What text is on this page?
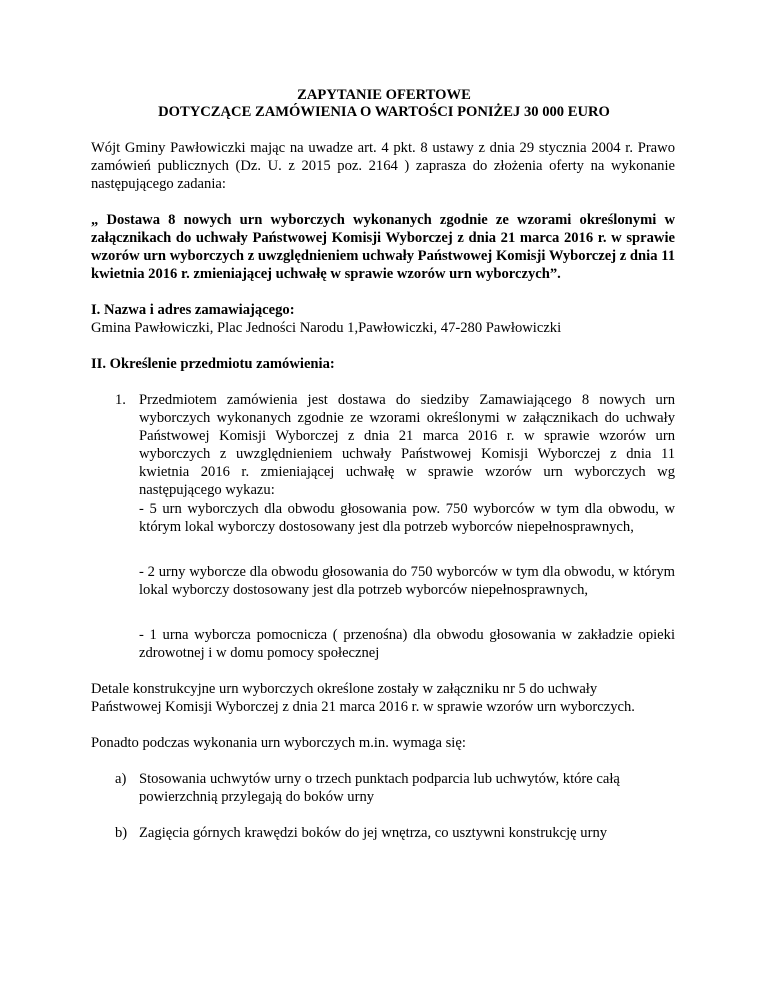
ZAPYTANIE OFERTOWE
DOTYCZĄCE ZAMÓWIENIA O WARTOŚCI PONIŻEJ 30 000 EURO
Wójt Gminy Pawłowiczki mając na uwadze art. 4 pkt. 8 ustawy z dnia 29 stycznia 2004 r. Prawo zamówień publicznych (Dz. U. z 2015 poz. 2164 ) zaprasza do złożenia oferty na wykonanie następującego zadania:
„ Dostawa 8 nowych urn wyborczych wykonanych zgodnie ze wzorami określonymi w załącznikach do uchwały Państwowej Komisji Wyborczej z dnia 21 marca 2016 r. w sprawie wzorów urn wyborczych z uwzględnieniem uchwały Państwowej Komisji Wyborczej z dnia 11 kwietnia 2016 r. zmieniającej uchwałę w sprawie wzorów urn wyborczych”.
I. Nazwa i adres zamawiającego:
Gmina Pawłowiczki, Plac Jedności Narodu 1,Pawłowiczki, 47-280 Pawłowiczki
II. Określenie przedmiotu zamówienia:
1. Przedmiotem zamówienia jest dostawa do siedziby Zamawiającego 8 nowych urn wyborczych wykonanych zgodnie ze wzorami określonymi w załącznikach do uchwały Państwowej Komisji Wyborczej z dnia 21 marca 2016 r. w sprawie wzorów urn wyborczych z uwzględnieniem uchwały Państwowej Komisji Wyborczej z dnia 11 kwietnia 2016 r. zmieniającej uchwałę w sprawie wzorów urn wyborczych wg następującego wykazu:
- 5 urn wyborczych dla obwodu głosowania pow. 750 wyborców w tym dla obwodu, w którym lokal wyborczy dostosowany jest dla potrzeb wyborców niepełnosprawnych,
- 2 urny wyborcze dla obwodu głosowania do 750 wyborców w tym dla obwodu, w którym lokal wyborczy dostosowany jest dla potrzeb wyborców niepełnosprawnych,
- 1 urna wyborcza pomocnicza ( przenośna) dla obwodu głosowania w zakładzie opieki zdrowotnej i w domu pomocy społecznej
Detale konstrukcyjne urn wyborczych określone zostały w załączniku nr 5 do uchwały
Państwowej Komisji Wyborczej z dnia 21 marca 2016 r. w sprawie wzorów urn wyborczych.
Ponadto podczas wykonania urn wyborczych m.in. wymaga się:
a) Stosowania uchwytów urny o trzech punktach podparcia lub uchwytów, które całą
powierzchnią przylegają do boków urny
b) Zagięcia górnych krawędzi boków do jej wnętrza, co usztywni konstrukcję urny
